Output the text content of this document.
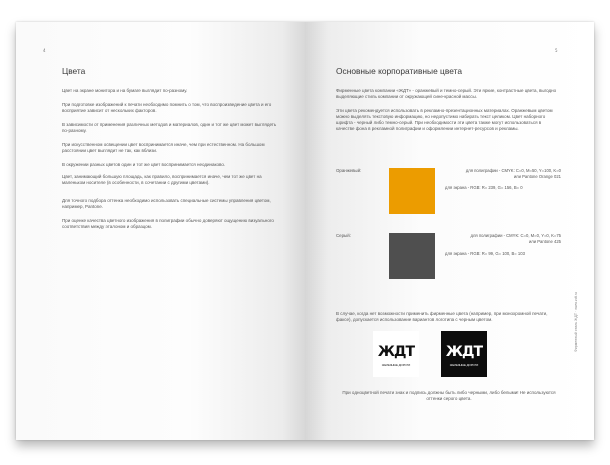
4
Цвета
Цвет на экране монитора и на бумаге выглядит по-разному.
При подготовке изображений к печати необходимо помнить о том, что воспроизведение цвета и его восприятие зависит от нескольких факторов.
В зависимости от применения различных методов и материалов, один и тот же цвет может выглядеть по-разному.
При искусственном освещении цвет воспринимается иначе, чем при естественном. На большом расстоянии цвет выглядит не так, как вблизи.
В окружении разных цветов один и тот же цвет воспринимается неодинаково.
Цвет, занимающий большую площадь, как правило, воспринимается иначе, чем тот же цвет на маленьком носителе (в особенности, в сочетании с другими цветами).
Для точного подбора оттенка необходимо использовать специальные системы управления цветом, например, Pantone.
При оценке качества цветного изображения в полиграфии обычно доверяют ощущению визуального соответствия между эталоном и образцом.
5
Основные корпоративные цвета
Фирменные цвета компании «ЖДТ» - оранжевый и темно-серый. Эти яркие, контрастные цвета, выгодно выделяющие стиль компании от окружающей сине-красной массы.
Эти цвета рекомендуется использовать в рекламно-презентационных материалах. Оранжевым цветом можно выделять текстовую информацию, но недопустимо набирать текст целиком. Цвет наборного шрифта - черный либо темно-серый. При необходимости эти цвета также могут использоваться в качестве фона в рекламной полиграфии и оформлении интернет-ресурсов и рекламы.
Оранжевый:	для полиграфии - CMYK: C=0, M=50, Y=100, K=0
или Pantone Orange 021
для экрана - RGB: R= 239, G= 156, B= 0
Серый:	для полиграфии - CMYK: C=0, M=0, Y=0, K=75
или Pantone 425
для экрана - RGB: R= 99, G= 100, B= 103
В случае, когда нет возможности применить фирменные цвета (например, при монохромной печати, факсе), допускается использование вариантов логотипа с черным цветом.
ЖДТ
ЖЕЛЕЗНЫЕ ДОРОГИ
ЖДТ
ЖЕЛЕЗНЫЕ ДОРОГИ
При одноцветной печати знак и подпись должны быть либо черными, либо белыми! Не используются оттенки серого цвета.
Фирменный стиль ЖДТ · www.zdt.ru
